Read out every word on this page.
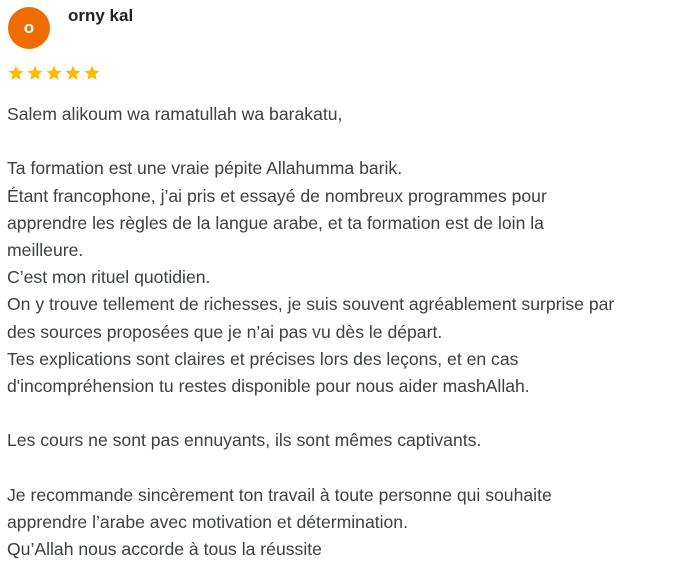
o
orny kal
Salem alikoum wa ramatullah wa barakatu,
Ta formation est une vraie pépite Allahumma barik.
Étant francophone, j’ai pris et essayé de nombreux programmes pour
apprendre les règles de la langue arabe, et ta formation est de loin la
meilleure.
C’est mon rituel quotidien.
On y trouve tellement de richesses, je suis souvent agréablement surprise par
des sources proposées que je n’ai pas vu dès le départ.
Tes explications sont claires et précises lors des leçons, et en cas
d'incompréhension tu restes disponible pour nous aider mashAllah.
Les cours ne sont pas ennuyants, ils sont mêmes captivants.
Je recommande sincèrement ton travail à toute personne qui souhaite
apprendre l’arabe avec motivation et détermination.
Qu’Allah nous accorde à tous la réussite
